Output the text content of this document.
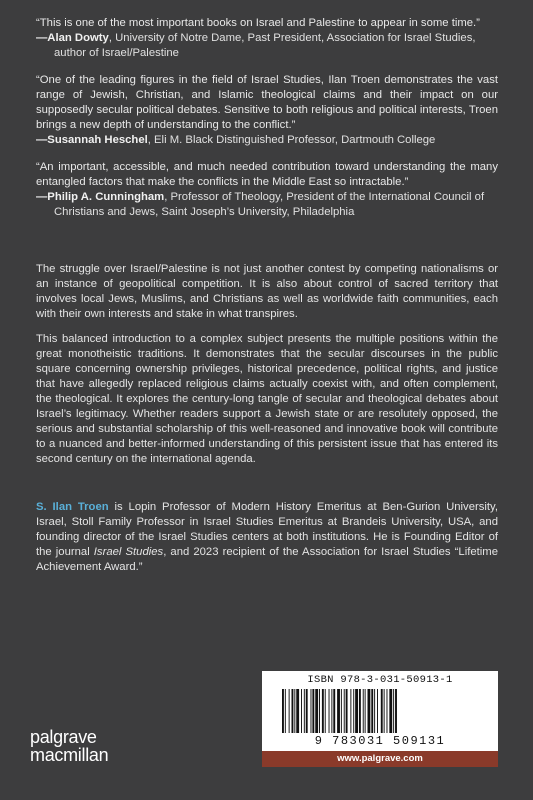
“This is one of the most important books on Israel and Palestine to appear in some time.”

—Alan Dowty, University of Notre Dame, Past President, Association for Israel Studies, author of Israel/Palestine

“One of the leading figures in the field of Israel Studies, Ilan Troen demonstrates the vast range of Jewish, Christian, and Islamic theological claims and their impact on our supposedly secular political debates. Sensitive to both religious and political interests, Troen brings a new depth of understanding to the conflict.”

—Susannah Heschel, Eli M. Black Distinguished Professor, Dartmouth College

“An important, accessible, and much needed contribution toward understanding the many entangled factors that make the conflicts in the Middle East so intractable.”

—Philip A. Cunningham, Professor of Theology, President of the International Council of Christians and Jews, Saint Joseph’s University, Philadelphia

The struggle over Israel/Palestine is not just another contest by competing nationalisms or an instance of geopolitical competition. It is also about control of sacred territory that involves local Jews, Muslims, and Christians as well as worldwide faith communities, each with their own interests and stake in what transpires.

This balanced introduction to a complex subject presents the multiple positions within the great monotheistic traditions. It demonstrates that the secular discourses in the public square concerning ownership privileges, historical precedence, political rights, and justice that have allegedly replaced religious claims actually coexist with, and often complement, the theological. It explores the century-long tangle of secular and theological debates about Israel’s legitimacy. Whether readers support a Jewish state or are resolutely opposed, the serious and substantial scholarship of this well-reasoned and innovative book will contribute to a nuanced and better-informed understanding of this persistent issue that has entered its second century on the international agenda.

S. Ilan Troen is Lopin Professor of Modern History Emeritus at Ben-Gurion University, Israel, Stoll Family Professor in Israel Studies Emeritus at Brandeis University, USA, and founding director of the Israel Studies centers at both institutions. He is Founding Editor of the journal Israel Studies, and 2023 recipient of the Association for Israel Studies “Lifetime Achievement Award.”

palgrave
macmillan
ISBN 978-3-031-50913-1
9 783031 509131
www.palgrave.com
